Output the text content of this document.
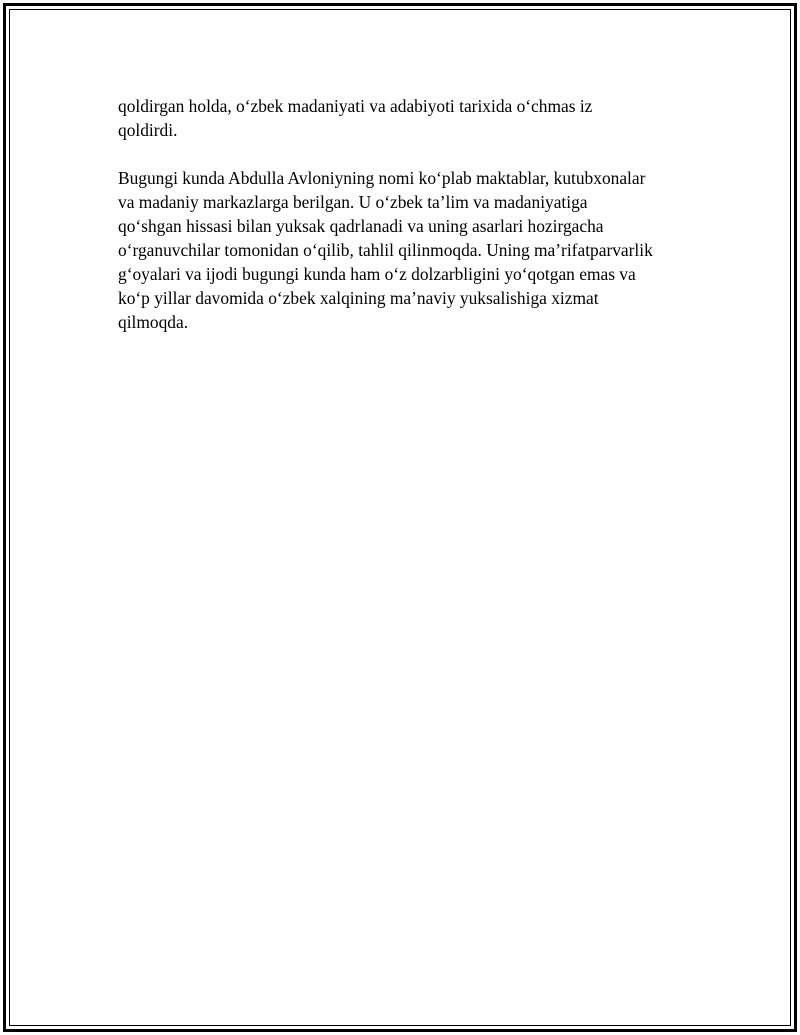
qoldirgan holda, oʻzbek madaniyati va adabiyoti tarixida oʻchmas iz
qoldirdi.

Bugungi kunda Abdulla Avloniyning nomi koʻplab maktablar, kutubxonalar
va madaniy markazlarga berilgan. U oʻzbek taʼlim va madaniyatiga
qoʻshgan hissasi bilan yuksak qadrlanadi va uning asarlari hozirgacha
oʻrganuvchilar tomonidan oʻqilib, tahlil qilinmoqda. Uning maʼrifatparvarlik
gʻoyalari va ijodi bugungi kunda ham oʻz dolzarbligini yoʻqotgan emas va
koʻp yillar davomida oʻzbek xalqining maʼnaviy yuksalishiga xizmat
qilmoqda.
